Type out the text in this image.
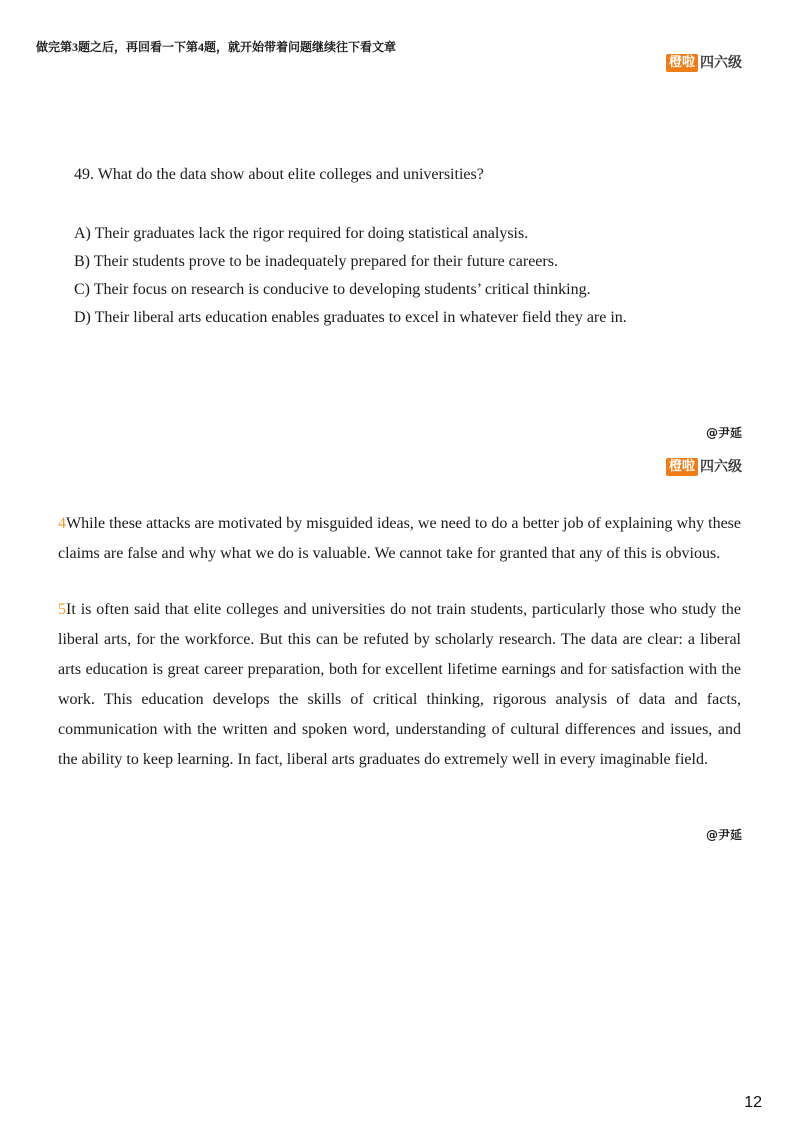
做完第3题之后，再回看一下第4题，就开始带着问题继续往下看文章
橙啦 四六级
49. What do the data show about elite colleges and universities?
A) Their graduates lack the rigor required for doing statistical analysis.
B) Their students prove to be inadequately prepared for their future careers.
C) Their focus on research is conducive to developing students’ critical thinking.
D) Their liberal arts education enables graduates to excel in whatever field they are in.
@尹延
橙啦 四六级

4While these attacks are motivated by misguided ideas, we need to do a better job of explaining why these claims are false and why what we do is valuable. We cannot take for granted that any of this is obvious.

5It is often said that elite colleges and universities do not train students, particularly those who study the liberal arts, for the workforce. But this can be refuted by scholarly research. The data are clear: a liberal arts education is great career preparation, both for excellent lifetime earnings and for satisfaction with the work. This education develops the skills of critical thinking, rigorous analysis of data and facts, communication with the written and spoken word, understanding of cultural differences and issues, and the ability to keep learning. In fact, liberal arts graduates do extremely well in every imaginable field.

@尹延
12
